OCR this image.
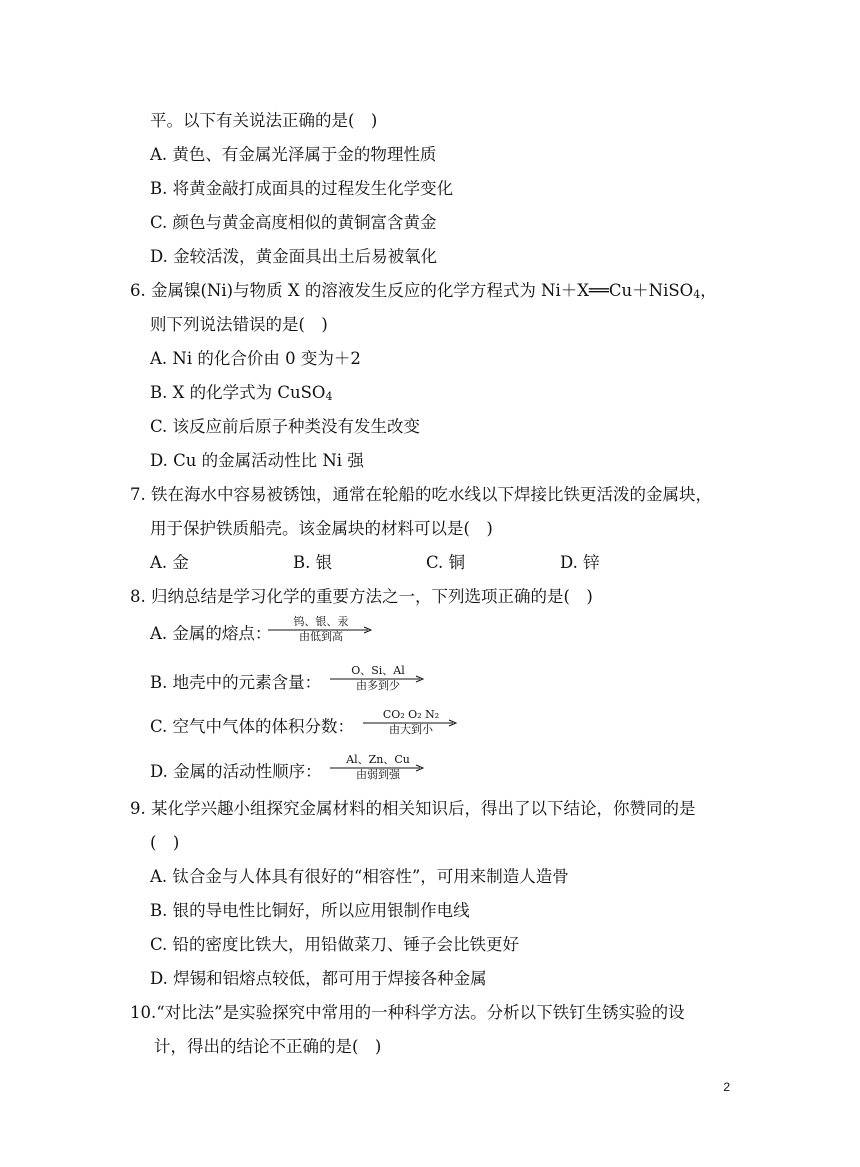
平。以下有关说法正确的是(　)
A. 黄色、有金属光泽属于金的物理性质
B. 将黄金敲打成面具的过程发生化学变化
C. 颜色与黄金高度相似的黄铜富含黄金
D. 金较活泼，黄金面具出土后易被氧化
6. 金属镍(Ni)与物质 X 的溶液发生反应的化学方程式为 Ni＋X══Cu＋NiSO$_4$，
则下列说法错误的是(　)
A. Ni 的化合价由 0 变为＋2
B. X 的化学式为 CuSO$_4$
C. 该反应前后原子种类没有发生改变
D. Cu 的金属活动性比 Ni 强
7. 铁在海水中容易被锈蚀，通常在轮船的吃水线以下焊接比铁更活泼的金属块，
用于保护铁质船壳。该金属块的材料可以是(　)
A. 金	B. 银	C. 铜	D. 锌
8. 归纳总结是学习化学的重要方法之一，下列选项正确的是(　)
A. 金属的熔点：
钨、银、汞
由低到高
B. 地壳中的元素含量：
O、Si、Al
由多到少
C. 空气中气体的体积分数：
CO₂ O₂ N₂
由大到小
D. 金属的活动性顺序：
Al、Zn、Cu
由弱到强
9. 某化学兴趣小组探究金属材料的相关知识后，得出了以下结论，你赞同的是
(　)
A. 钛合金与人体具有很好的“相容性”，可用来制造人造骨
B. 银的导电性比铜好，所以应用银制作电线
C. 铅的密度比铁大，用铅做菜刀、锤子会比铁更好
D. 焊锡和铝熔点较低，都可用于焊接各种金属
10.“对比法”是实验探究中常用的一种科学方法。分析以下铁钉生锈实验的设
计，得出的结论不正确的是(　)
2
